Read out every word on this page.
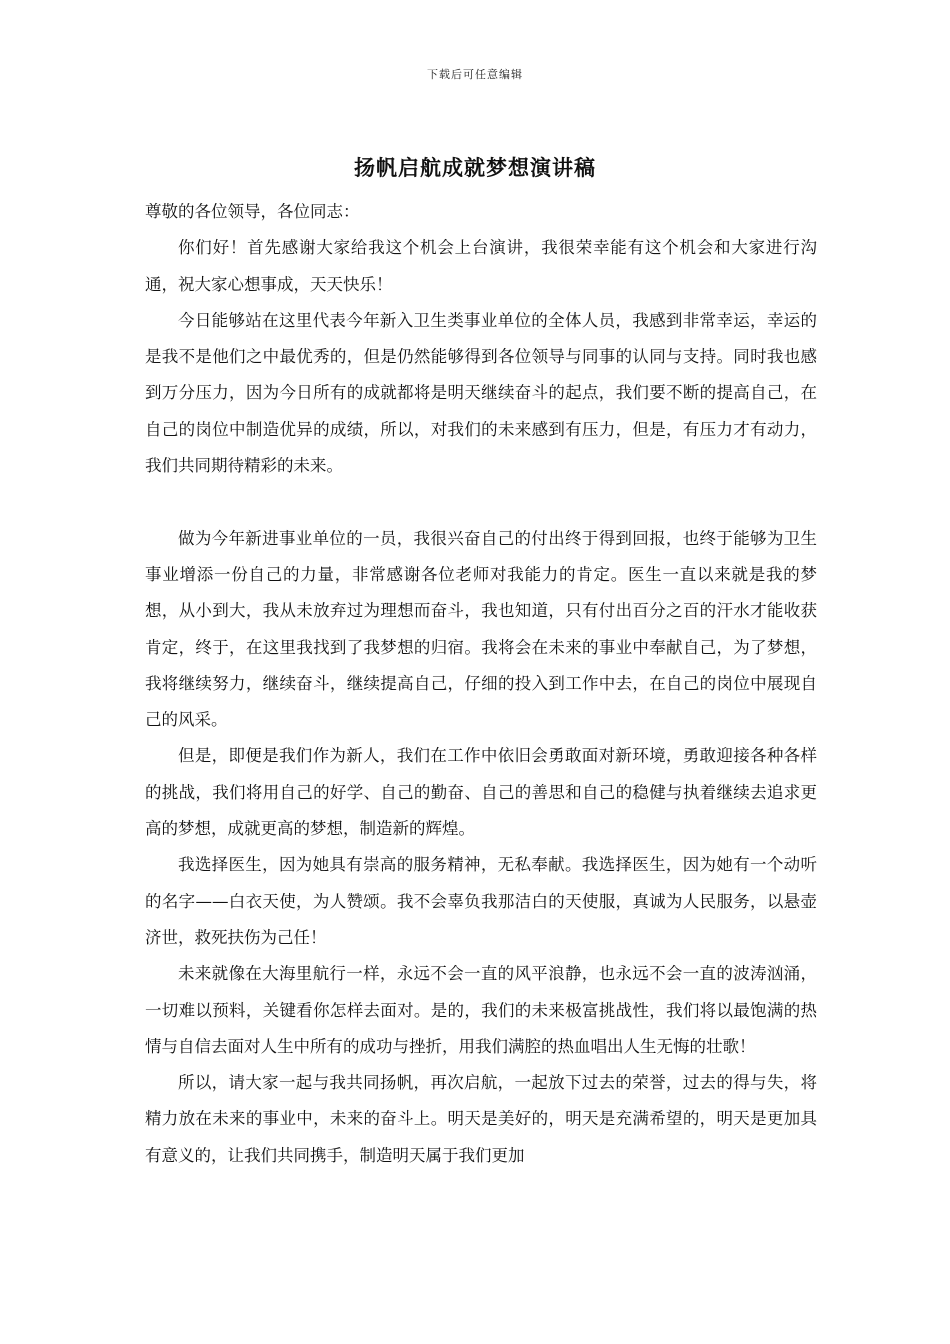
下载后可任意编辑
扬帆启航成就梦想演讲稿

尊敬的各位领导，各位同志：

你们好！首先感谢大家给我这个机会上台演讲，我很荣幸能有这个机会和大家进行沟通，祝大家心想事成，天天快乐！

今日能够站在这里代表今年新入卫生类事业单位的全体人员，我感到非常幸运，幸运的是我不是他们之中最优秀的，但是仍然能够得到各位领导与同事的认同与支持。同时我也感到万分压力，因为今日所有的成就都将是明天继续奋斗的起点，我们要不断的提高自己，在自己的岗位中制造优异的成绩，所以，对我们的未来感到有压力，但是，有压力才有动力，我们共同期待精彩的未来。

做为今年新进事业单位的一员，我很兴奋自己的付出终于得到回报，也终于能够为卫生事业增添一份自己的力量，非常感谢各位老师对我能力的肯定。医生一直以来就是我的梦想，从小到大，我从未放弃过为理想而奋斗，我也知道，只有付出百分之百的汗水才能收获肯定，终于，在这里我找到了我梦想的归宿。我将会在未来的事业中奉献自己，为了梦想，我将继续努力，继续奋斗，继续提高自己，仔细的投入到工作中去，在自己的岗位中展现自己的风采。

但是，即便是我们作为新人，我们在工作中依旧会勇敢面对新环境，勇敢迎接各种各样的挑战，我们将用自己的好学、自己的勤奋、自己的善思和自己的稳健与执着继续去追求更高的梦想，成就更高的梦想，制造新的辉煌。

我选择医生，因为她具有崇高的服务精神，无私奉献。我选择医生，因为她有一个动听的名字——白衣天使，为人赞颂。我不会辜负我那洁白的天使服，真诚为人民服务，以悬壶济世，救死扶伤为己任！

未来就像在大海里航行一样，永远不会一直的风平浪静，也永远不会一直的波涛汹涌，一切难以预料，关键看你怎样去面对。是的，我们的未来极富挑战性，我们将以最饱满的热情与自信去面对人生中所有的成功与挫折，用我们满腔的热血唱出人生无悔的壮歌！

所以，请大家一起与我共同扬帆，再次启航，一起放下过去的荣誉，过去的得与失，将精力放在未来的事业中，未来的奋斗上。明天是美好的，明天是充满希望的，明天是更加具有意义的，让我们共同携手，制造明天属于我们更加
